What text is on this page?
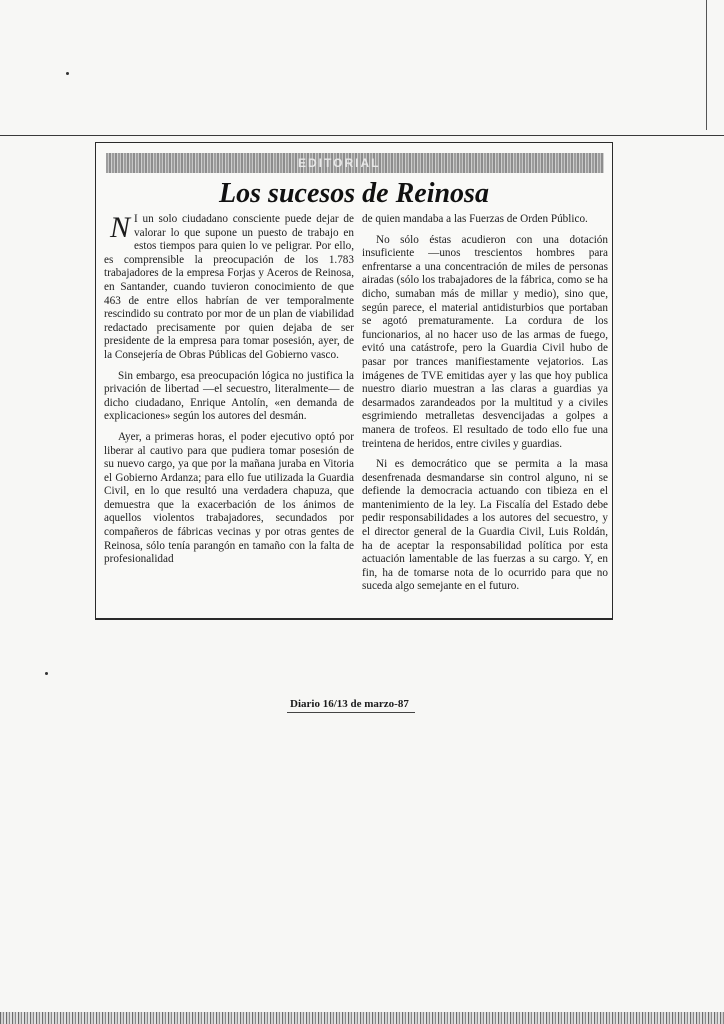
EDITORIAL
Los sucesos de Reinosa

N I un solo ciudadano consciente puede dejar de valorar lo que supone un puesto de trabajo en estos tiempos para quien lo ve peligrar. Por ello, es comprensible la preocupación de los 1.783 trabajadores de la empresa Forjas y Aceros de Reinosa, en Santander, cuando tuvieron conocimiento de que 463 de entre ellos habrían de ver temporalmente rescindido su contrato por mor de un plan de viabilidad redactado precisamente por quien dejaba de ser presidente de la empresa para tomar posesión, ayer, de la Consejería de Obras Públicas del Gobierno vasco.

Sin embargo, esa preocupación lógica no justifica la privación de libertad —el secuestro, literalmente— de dicho ciudadano, Enrique Antolín, «en demanda de explicaciones» según los autores del desmán.

Ayer, a primeras horas, el poder ejecutivo optó por liberar al cautivo para que pudiera tomar posesión de su nuevo cargo, ya que por la mañana juraba en Vitoria el Gobierno Ardanza; para ello fue utilizada la Guardia Civil, en lo que resultó una verdadera chapuza, que demuestra que la exacerbación de los ánimos de aquellos violentos trabajadores, secundados por compañeros de fábricas vecinas y por otras gentes de Reinosa, sólo tenía parangón en tamaño con la falta de profesionalidad

de quien mandaba a las Fuerzas de Orden Público.

No sólo éstas acudieron con una dotación insuficiente —unos trescientos hombres para enfrentarse a una concentración de miles de personas airadas (sólo los trabajadores de la fábrica, como se ha dicho, sumaban más de millar y medio), sino que, según parece, el material antidisturbios que portaban se agotó prematuramente. La cordura de los funcionarios, al no hacer uso de las armas de fuego, evitó una catástrofe, pero la Guardia Civil hubo de pasar por trances manifiestamente vejatorios. Las imágenes de TVE emitidas ayer y las que hoy publica nuestro diario muestran a las claras a guardias ya desarmados zarandeados por la multitud y a civiles esgrimiendo metralletas desvencijadas a golpes a manera de trofeos. El resultado de todo ello fue una treintena de heridos, entre civiles y guardias.

Ni es democrático que se permita a la masa desenfrenada desmandarse sin control alguno, ni se defiende la democracia actuando con tibieza en el mantenimiento de la ley. La Fiscalía del Estado debe pedir responsabilidades a los autores del secuestro, y el director general de la Guardia Civil, Luis Roldán, ha de aceptar la responsabilidad política por esta actuación lamentable de las fuerzas a su cargo. Y, en fin, ha de tomarse nota de lo ocurrido para que no suceda algo semejante en el futuro.

Diario 16/13 de marzo-87
